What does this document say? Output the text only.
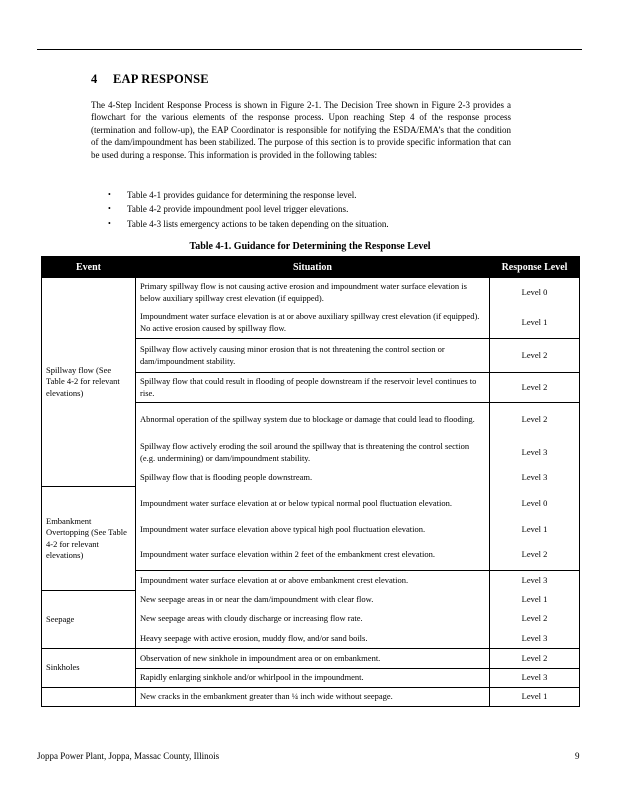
4 EAP RESPONSE

The 4-Step Incident Response Process is shown in Figure 2-1. The Decision Tree shown in Figure 2-3 provides a flowchart for the various elements of the response process. Upon reaching Step 4 of the response process (termination and follow-up), the EAP Coordinator is responsible for notifying the ESDA/EMA’s that the condition of the dam/impoundment has been stabilized. The purpose of this section is to provide specific information that can be used during a response. This information is provided in the following tables:

• Table 4-1 provides guidance for determining the response level.
• Table 4-2 provide impoundment pool level trigger elevations.
• Table 4-3 lists emergency actions to be taken depending on the situation.
Table 4-1. Guidance for Determining the Response Level
Event	Situation	Response Level
Spillway flow (See Table 4-2 for relevant elevations)	Primary spillway flow is not causing active erosion and impoundment water surface elevation is below auxiliary spillway crest elevation (if equipped).	Level 0
	Impoundment water surface elevation is at or above auxiliary spillway crest elevation (if equipped). No active erosion caused by spillway flow.	Level 1
	Spillway flow actively causing minor erosion that is not threatening the control section or dam/impoundment stability.	Level 2
	Spillway flow that could result in flooding of people downstream if the reservoir level continues to rise.	Level 2
	Abnormal operation of the spillway system due to blockage or damage that could lead to flooding.	Level 2
	Spillway flow actively eroding the soil around the spillway that is threatening the control section (e.g. undermining) or dam/impoundment stability.	Level 3
	Spillway flow that is flooding people downstream.	Level 3
Embankment Overtopping (See Table 4-2 for relevant elevations)	Impoundment water surface elevation at or below typical normal pool fluctuation elevation.	Level 0
	Impoundment water surface elevation above typical high pool fluctuation elevation.	Level 1
	Impoundment water surface elevation within 2 feet of the embankment crest elevation.	Level 2
	Impoundment water surface elevation at or above embankment crest elevation.	Level 3
Seepage	New seepage areas in or near the dam/impoundment with clear flow.	Level 1
	New seepage areas with cloudy discharge or increasing flow rate.	Level 2
	Heavy seepage with active erosion, muddy flow, and/or sand boils.	Level 3
Sinkholes	Observation of new sinkhole in impoundment area or on embankment.	Level 2
	Rapidly enlarging sinkhole and/or whirlpool in the impoundment.	Level 3
	New cracks in the embankment greater than ¼ inch wide without seepage.	Level 1
Joppa Power Plant, Joppa, Massac County, Illinois	9
